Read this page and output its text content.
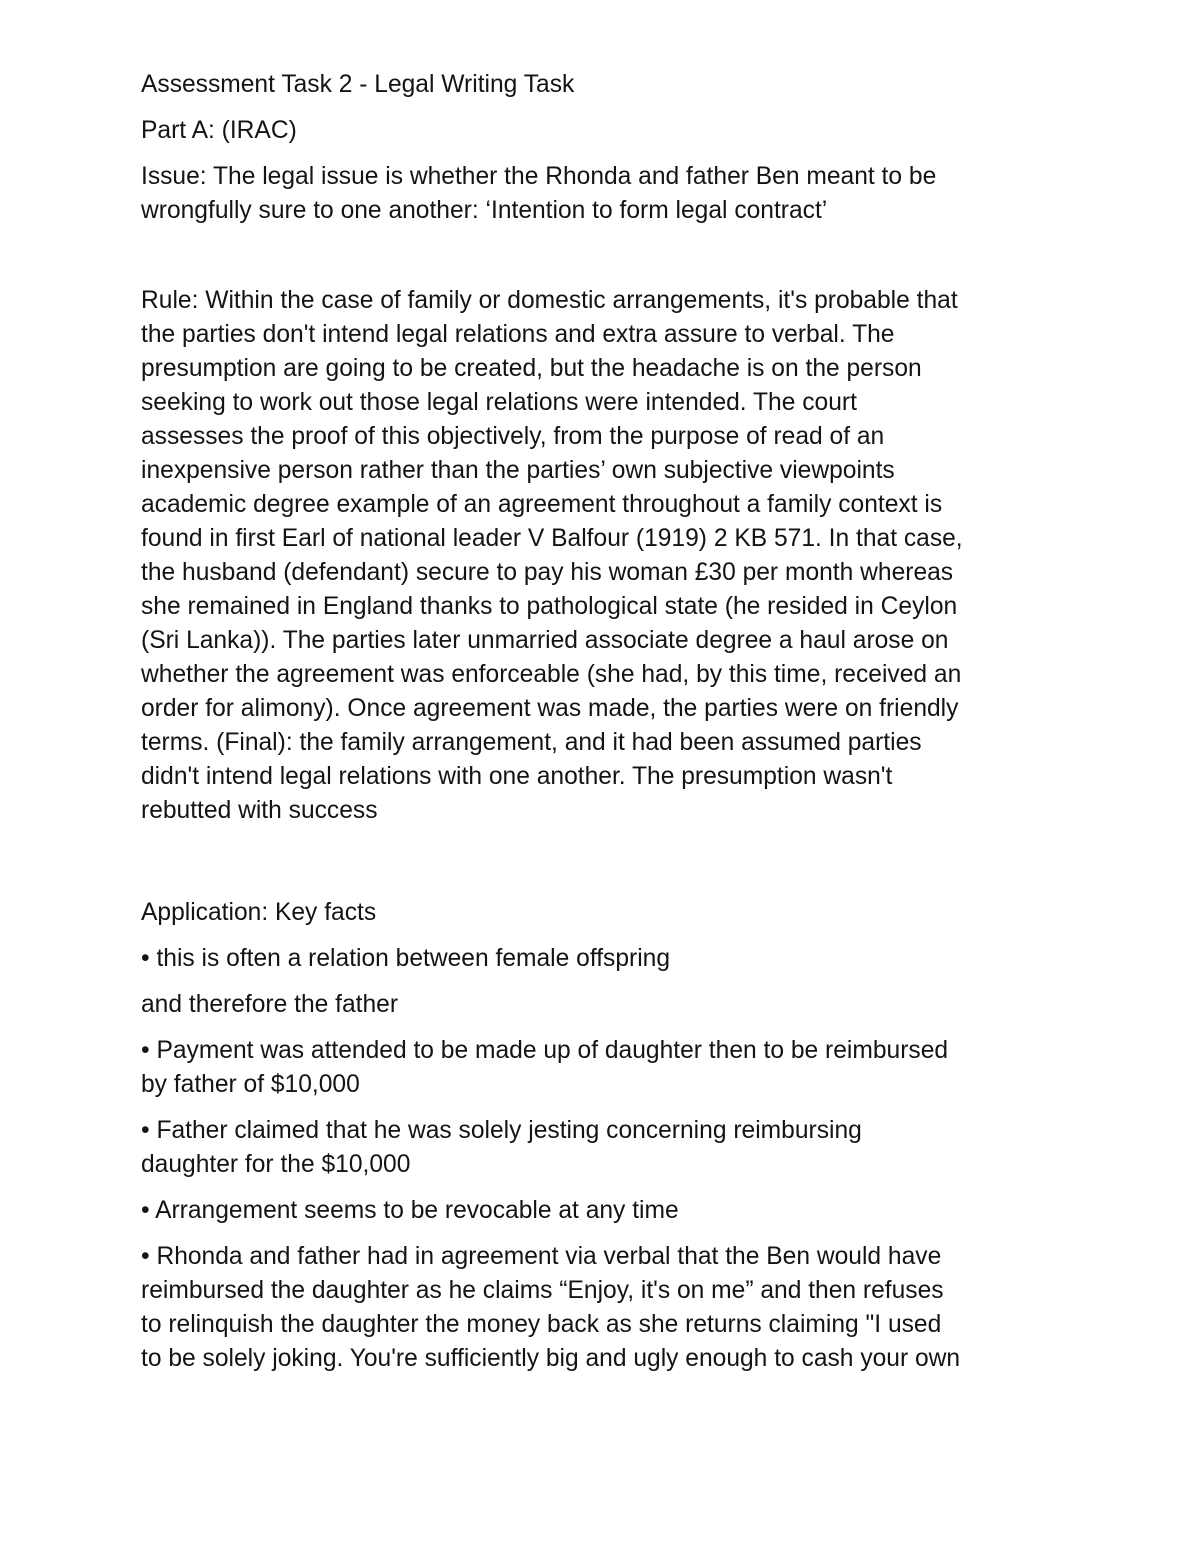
Assessment Task 2 - Legal Writing Task

Part A: (IRAC)

Issue: The legal issue is whether the Rhonda and father Ben meant to be
wrongfully sure to one another: ‘Intention to form legal contract’

Rule: Within the case of family or domestic arrangements, it's probable that
the parties don't intend legal relations and extra assure to verbal. The
presumption are going to be created, but the headache is on the person
seeking to work out those legal relations were intended. The court
assesses the proof of this objectively, from the purpose of read of an
inexpensive person rather than the parties’ own subjective viewpoints
academic degree example of an agreement throughout a family context is
found in first Earl of national leader V Balfour (1919) 2 KB 571. In that case,
the husband (defendant) secure to pay his woman £30 per month whereas
she remained in England thanks to pathological state (he resided in Ceylon
(Sri Lanka)). The parties later unmarried associate degree a haul arose on
whether the agreement was enforceable (she had, by this time, received an
order for alimony). Once agreement was made, the parties were on friendly
terms. (Final): the family arrangement, and it had been assumed parties
didn't intend legal relations with one another. The presumption wasn't
rebutted with success

Application: Key facts

• this is often a relation between female offspring

and therefore the father

• Payment was attended to be made up of daughter then to be reimbursed
by father of $10,000

• Father claimed that he was solely jesting concerning reimbursing
daughter for the $10,000

• Arrangement seems to be revocable at any time

• Rhonda and father had in agreement via verbal that the Ben would have
reimbursed the daughter as he claims “Enjoy, it's on me” and then refuses
to relinquish the daughter the money back as she returns claiming "I used
to be solely joking. You're sufficiently big and ugly enough to cash your own
